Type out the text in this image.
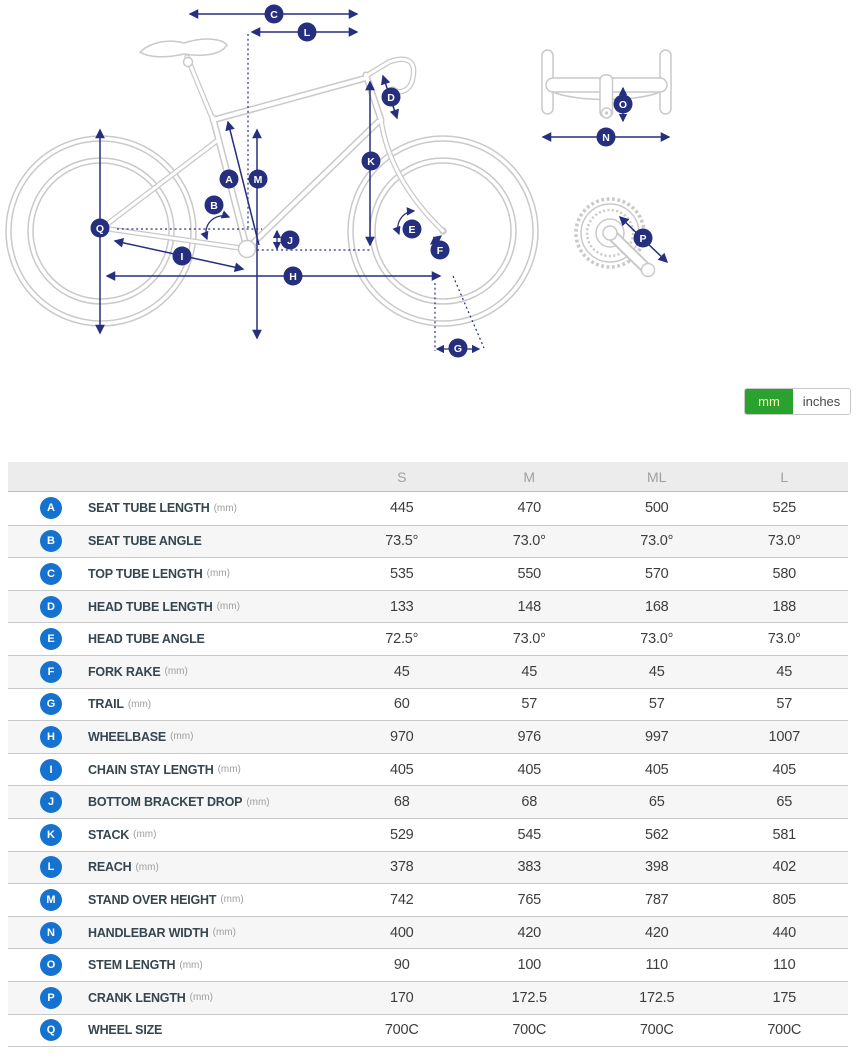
C
L
D
K
A M
B
Q
I
J
H
E
F
G
N
O
P
mm	inches
S	M	ML	L
A	SEAT TUBE LENGTH (mm)	445	470	500	525
B	SEAT TUBE ANGLE	73.5°	73.0°	73.0°	73.0°
C	TOP TUBE LENGTH (mm)	535	550	570	580
D	HEAD TUBE LENGTH (mm)	133	148	168	188
E	HEAD TUBE ANGLE	72.5°	73.0°	73.0°	73.0°
F	FORK RAKE (mm)	45	45	45	45
G	TRAIL (mm)	60	57	57	57
H	WHEELBASE (mm)	970	976	997	1007
I	CHAIN STAY LENGTH (mm)	405	405	405	405
J	BOTTOM BRACKET DROP (mm)	68	68	65	65
K	STACK (mm)	529	545	562	581
L	REACH (mm)	378	383	398	402
M	STAND OVER HEIGHT (mm)	742	765	787	805
N	HANDLEBAR WIDTH (mm)	400	420	420	440
O	STEM LENGTH (mm)	90	100	110	110
P	CRANK LENGTH (mm)	170	172.5	172.5	175
Q	WHEEL SIZE	700C	700C	700C	700C
